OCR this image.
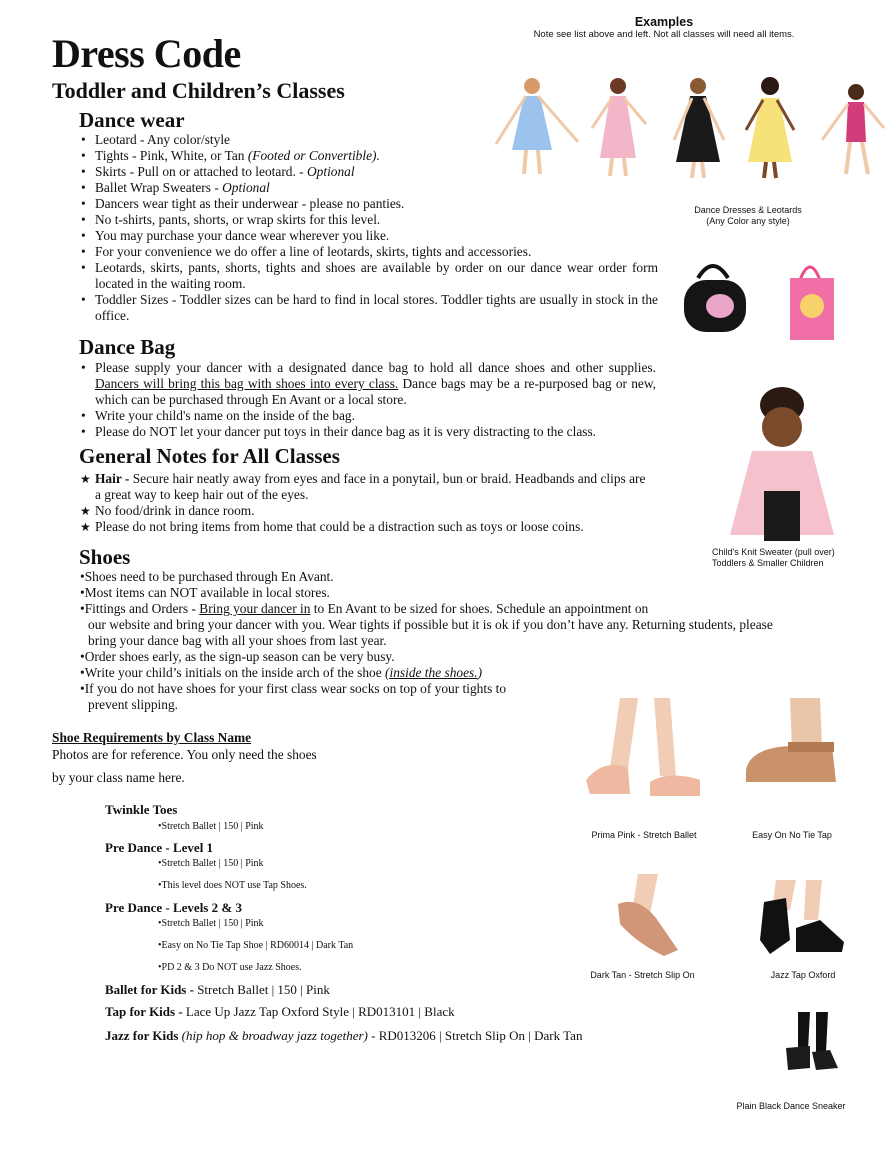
Dress Code
Toddler and Children’s Classes
Examples
Note see list above and left. Not all classes will need all items.
Dance Dresses & Leotards
(Any Color any style)
Child's Knit Sweater (pull over)
Toddlers & Smaller Children
Dance wear
• Leotard - Any color/style
• Tights - Pink, White, or Tan (Footed or Convertible).
• Skirts - Pull on or attached to leotard. - Optional
• Ballet Wrap Sweaters - Optional
• Dancers wear tight as their underwear - please no panties.
• No t-shirts, pants, shorts, or wrap skirts for this level.
• You may purchase your dance wear wherever you like.
• For your convenience we do offer a line of leotards, skirts, tights and accessories.
• Leotards, skirts, pants, shorts, tights and shoes are available by order on our dance wear order form located in the waiting room.
• Toddler Sizes - Toddler sizes can be hard to find in local stores. Toddler tights are usually in stock in the office.
Dance Bag
• Please supply your dancer with a designated dance bag to hold all dance shoes and other supplies. Dancers will bring this bag with shoes into every class. Dance bags may be a re-purposed bag or new, which can be purchased through En Avant or a local store.
• Write your child's name on the inside of the bag.
• Please do NOT let your dancer put toys in their dance bag as it is very distracting to the class.
General Notes for All Classes
★ Hair - Secure hair neatly away from eyes and face in a ponytail, bun or braid. Headbands and clips are a great way to keep hair out of the eyes.
★ No food/drink in dance room.
★ Please do not bring items from home that could be a distraction such as toys or loose coins.
Shoes
•Shoes need to be purchased through En Avant.
•Most items can NOT available in local stores.
•Fittings and Orders - Bring your dancer in to En Avant to be sized for shoes. Schedule an appointment on
our website and bring your dancer with you. Wear tights if possible but it is ok if you don’t have any. Returning students, please
bring your dance bag with all your shoes from last year.
•Order shoes early, as the sign-up season can be very busy.
•Write your child’s initials on the inside arch of the shoe (inside the shoes.)
•If you do not have shoes for your first class wear socks on top of your tights to
prevent slipping.
Shoe Requirements by Class Name
Photos are for reference. You only need the shoes
by your class name here.
Twinkle Toes
•Stretch Ballet | 150 | Pink
Pre Dance - Level 1
•Stretch Ballet | 150 | Pink
•This level does NOT use Tap Shoes.
Pre Dance - Levels 2 & 3
•Stretch Ballet | 150 | Pink
•Easy on No Tie Tap Shoe | RD60014 | Dark Tan
•PD 2 & 3 Do NOT use Jazz Shoes.
Ballet for Kids - Stretch Ballet | 150 | Pink
Tap for Kids - Lace Up Jazz Tap Oxford Style | RD013101 | Black
Jazz for Kids (hip hop & broadway jazz together) - RD013206 | Stretch Slip On | Dark Tan
Prima Pink - Stretch Ballet	Easy On No Tie Tap
Dark Tan - Stretch Slip On	Jazz Tap Oxford
Plain Black Dance Sneaker
